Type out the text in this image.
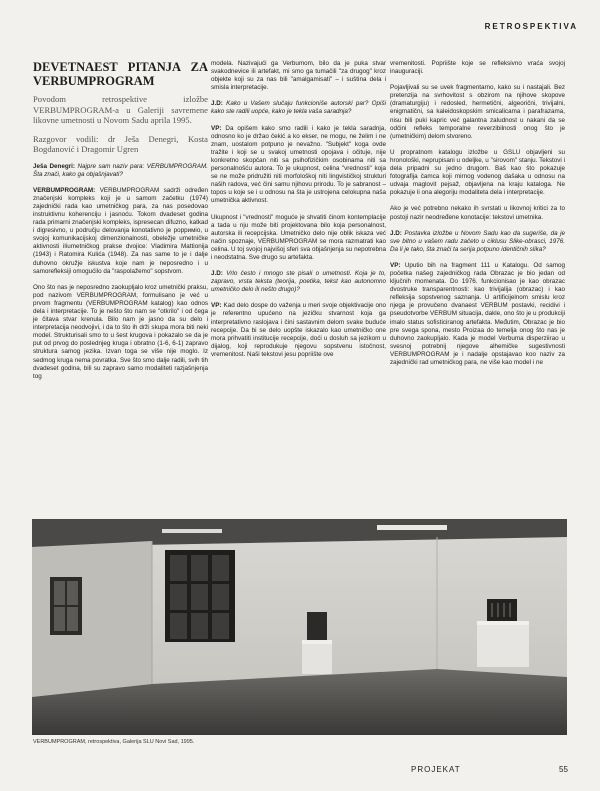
RETROSPEKTIVA
DEVETNAEST PITANJA ZA VERBUMPROGRAM

Povodom retrospektive izložbe VERBUMPROGRAM-a u Galeriji savremene likovne umetnosti u Novom Sadu aprila 1995.

Razgovor vodili: dr Ješa Denegri, Kosta Bogdanović i Dragomir Ugren

Ješa Denegri: Najpre sam naziv para: VERBUMPROGRAM. Šta znači, kako ga objašnjavati?

VERBUMPROGRAM: VERBUMPROGRAM sadrži određen značenjski kompleks koji je u samom začetku (1974) zajednički rada kao umetničkog para, za nas posedovao instruktivnu koherenciju i jasnoću. Tokom dvadeset godina rada primarni značenjski kompleks, ispresecan difuzno, katkad i digresivno, u području delovanja konotativno je popримio, u svojoj komunikacijskoj dimenzionalnosti, obeležje umetničke aktivnosti iliumetničkog prakse dvojice: Vladimira Mattionija (1943) i Ratomira Kulića (1948). Za nas same to je i dalje duhovno okružje iskustva koje nam je neposredno i u samorefleksiji omogućilo da "raspolažemo" sopstvom.

Ono što nas je neposredno zaokupljalo kroz umetnički praksu, pod nazivom VERBUMPROGRAM, formulisano je već u prvom fragmentu (VERBUMPROGRAM katalog) kao odnos dela i interpretacije. To je nešto što nam se "otkrilo" i od čega je čitava stvar krenula. Bilo nam je jasno da su delo i interpretacija neodvojivi, i da to što ih drži skupa mora biti neki model. Strukturisali smo to u šest krugova i pokazalo se da je put od prvog do poslednjeg kruga i obratno (1-6, 6-1) zapravo struktura samog jezika. Izvan toga se više nije moglo. Iz sedmog kruga nema povratka. Sve što smo dalje radili, svih tih dvadeset godina, bili su zapravo samo modaliteti razjašnjenja tog

modela. Nazivajući ga Verbumom, bilo da je puka stvar svakodnevice ili artefakt, mi smo ga tumačili "za drugog" kroz objekte koji su za nas bili "amalgamisati" – i suština dela i smisla interpretacije.

J.D: Kako u Vašem slučaju funkcioniše autorski par? Opiši kako ste radili uopće, kako je tekla vaša saradnja?

VP: Da opišem kako smo radili i kako je tekla saradnja, odnosno ko je držao čekić a ko ekser, ne mogu, ne želim i ne znam, uostalom potpuno je nevažno. "Subjekt" koga ovde tražite i koji se u svakoj umetnosti opojava i očituje, nije konkretno skopčan niti sa psihofizičkim osobinama niti sa personalnošću autora. To je ukupnost, celina "vrednosti" koja se ne može pridružiti niti morfološkoj niti lingvističkoj strukturi naših radova, već čini samu njihovu prirodu. To je sabranost – topos u koje se i u odnosu na šta je ustrojena celokupna naša umetnička aktivnost.

Ukupnost i "vrednosti" moguće je shvatiti činom kontemplacije a tada u nju može biti projektovana bilo koja personalnost, autorska ili recepcijska. Umetničko delo nije oblik iskaza već način spoznaje, VERBUMPROGRAM se mora razmatrati kao celina. U toj svojoj najvišoj sferi sva objašnjenja su nepotrebna i neodstatna. Sve drugo su artefakta.

J.D: Vrlo često i mnogo ste pisali o umetnosti. Koja je to, zapravo, vrsta teksta (teorija, poetika, tekst kao autonomno umetničko delo ili nešto drugo)?

VP: Kad delo dospe do važenja u meri svoje objektivacije ono je referentno upućeno na jezičku stvarnost koja ga interpretativno raslojava i čini sastavnim delom svake buduće recepcije. Da bi se delo uopšte iskazalo kao umetničko one mora prihvatiti institucije recepcije, doći u dosluh sa jezikom u dijalog, koji reprodukuje njegovu sopstvenu istočnost, vremenitost. Naši tekstovi jesu popriište ove

vremenitosti. Popriište koje se refleksivno vraća svojoj inauguraciji.

Pojavljivali su se uvek fragmentarno, kako su i nastajali. Bez pretenzija na svrhovitost s obzirom na njihove skopove (dramaturgiju) i redosled, hermetični, algeorični, trivijalni, enigmatični, sa kaleidoskopskim smicalicama i parafrazama, nisu bili puki kapric već galantna zaludnost u nakani da se odčini refleks temporalne reverzibilnosti onog što je (umetničkim) delom stvoreno.

U propratnom katalogu izložbe u GSLU objavljeni su hronološki, neprupisani u odeljke, u "sirovom" stanju. Tekstovi i dela pripadni su jedno drugom. Baš kao što pokazuje fotografija čamca koji mirnog vodenog dašaka u odnosu na udvaja maglovit pejsaž, objavljena na kraju kataloga. Ne pokazuje li ona alegoriju modaliteta dela i interpretacije.

Ako je već potrebno nekako ih svrstati u likovnoj kritici za to postoji nazir neodređene konotacije: tekstovi umetnika.

J.D: Postavka izložbe u Novom Sadu kao da sugeriše, da je sve bitno u vašem radu začeto u ciklusu Slike-obrasci, 1976. Da li je tako, šta znači ta serija potpuno identičnih slika?

VP: Uputio bih na fragment 111 u Katalogu. Od samog početka našeg zajedničkog rada Obrazac je bio jedan od ključnih momenata. Do 1976. funkcionisao je kao obrazac dvostruke transparentnosti: kao trivijalija (obrazac) i kao refleksija sopstvenog saznanja. U artificijelnom smislu kroz njega je provučeno dvanaest VERBUM postavki, recidivi i pseudotvorbe VERBUM situacija, dakle, ono što je u produkciji imalo status sofisticiranog artefakta. Međutim, Obrazac je bio pre svega spona, mesto Proizaa do temelja onog što nas je duhovno zaokupljalo. Kada je model Verbuma disperziirao u svesnoj potrebnij njegove alhemičke sugestivnosti VERBUMPROGRAM je i nadalje opstajavao koo naziv za zajednički rad umetničkog para, ne više kao model i ne

VERBUMPROGRAM, retrospektiva, Galerija SLU Novi Sad, 1995.
PROJEKAT	55
